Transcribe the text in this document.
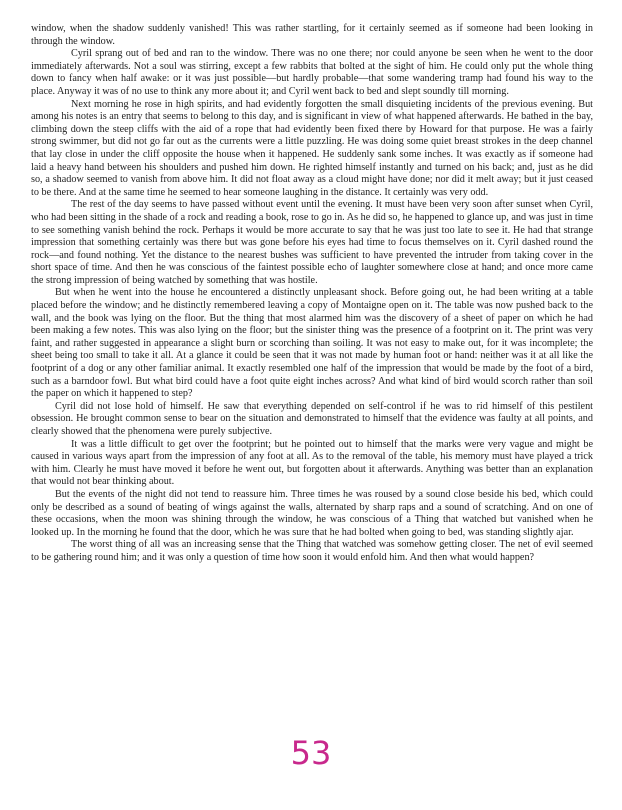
window, when the shadow suddenly vanished! This was rather startling, for it certainly seemed as if someone had been looking in through the window.

Cyril sprang out of bed and ran to the window. There was no one there; nor could anyone be seen when he went to the door immediately afterwards. Not a soul was stirring, except a few rabbits that bolted at the sight of him. He could only put the whole thing down to fancy when half awake: or it was just possible—but hardly probable—that some wandering tramp had found his way to the place. Anyway it was of no use to think any more about it; and Cyril went back to bed and slept soundly till morning.

Next morning he rose in high spirits, and had evidently forgotten the small disquieting incidents of the previous evening. But among his notes is an entry that seems to belong to this day, and is significant in view of what happened afterwards. He bathed in the bay, climbing down the steep cliffs with the aid of a rope that had evidently been fixed there by Howard for that purpose. He was a fairly strong swimmer, but did not go far out as the currents were a little puzzling. He was doing some quiet breast strokes in the deep channel that lay close in under the cliff opposite the house when it happened. He suddenly sank some inches. It was exactly as if someone had laid a heavy hand between his shoulders and pushed him down. He righted himself instantly and turned on his back; and, just as he did so, a shadow seemed to vanish from above him. It did not float away as a cloud might have done; nor did it melt away; but it just ceased to be there. And at the same time he seemed to hear someone laughing in the distance. It certainly was very odd.

The rest of the day seems to have passed without event until the evening. It must have been very soon after sunset when Cyril, who had been sitting in the shade of a rock and reading a book, rose to go in. As he did so, he happened to glance up, and was just in time to see something vanish behind the rock. Perhaps it would be more accurate to say that he was just too late to see it. He had that strange impression that something certainly was there but was gone before his eyes had time to focus themselves on it. Cyril dashed round the rock—and found nothing. Yet the distance to the nearest bushes was sufficient to have prevented the intruder from taking cover in the short space of time. And then he was conscious of the faintest possible echo of laughter somewhere close at hand; and once more came the strong impression of being watched by something that was hostile.

But when he went into the house he encountered a distinctly unpleasant shock. Before going out, he had been writing at a table placed before the window; and he distinctly remembered leaving a copy of Montaigne open on it. The table was now pushed back to the wall, and the book was lying on the floor. But the thing that most alarmed him was the discovery of a sheet of paper on which he had been making a few notes. This was also lying on the floor; but the sinister thing was the presence of a footprint on it. The print was very faint, and rather suggested in appearance a slight burn or scorching than soiling. It was not easy to make out, for it was incomplete; the sheet being too small to take it all. At a glance it could be seen that it was not made by human foot or hand: neither was it at all like the footprint of a dog or any other familiar animal. It exactly resembled one half of the impression that would be made by the foot of a bird, such as a barndoor fowl. But what bird could have a foot quite eight inches across? And what kind of bird would scorch rather than soil the paper on which it happened to step?

Cyril did not lose hold of himself. He saw that everything depended on self-control if he was to rid himself of this pestilent obsession. He brought common sense to bear on the situation and demonstrated to himself that the evidence was faulty at all points, and clearly showed that the phenomena were purely subjective.

It was a little difficult to get over the footprint; but he pointed out to himself that the marks were very vague and might be caused in various ways apart from the impression of any foot at all. As to the removal of the table, his memory must have played a trick with him. Clearly he must have moved it before he went out, but forgotten about it afterwards. Anything was better than an explanation that would not bear thinking about.

But the events of the night did not tend to reassure him. Three times he was roused by a sound close beside his bed, which could only be described as a sound of beating of wings against the walls, alternated by sharp raps and a sound of scratching. And on one of these occasions, when the moon was shining through the window, he was conscious of a Thing that watched but vanished when he looked up. In the morning he found that the door, which he was sure that he had bolted when going to bed, was standing slightly ajar.

The worst thing of all was an increasing sense that the Thing that watched was somehow getting closer. The net of evil seemed to be gathering round him; and it was only a question of time how soon it would enfold him. And then what would happen?

53
